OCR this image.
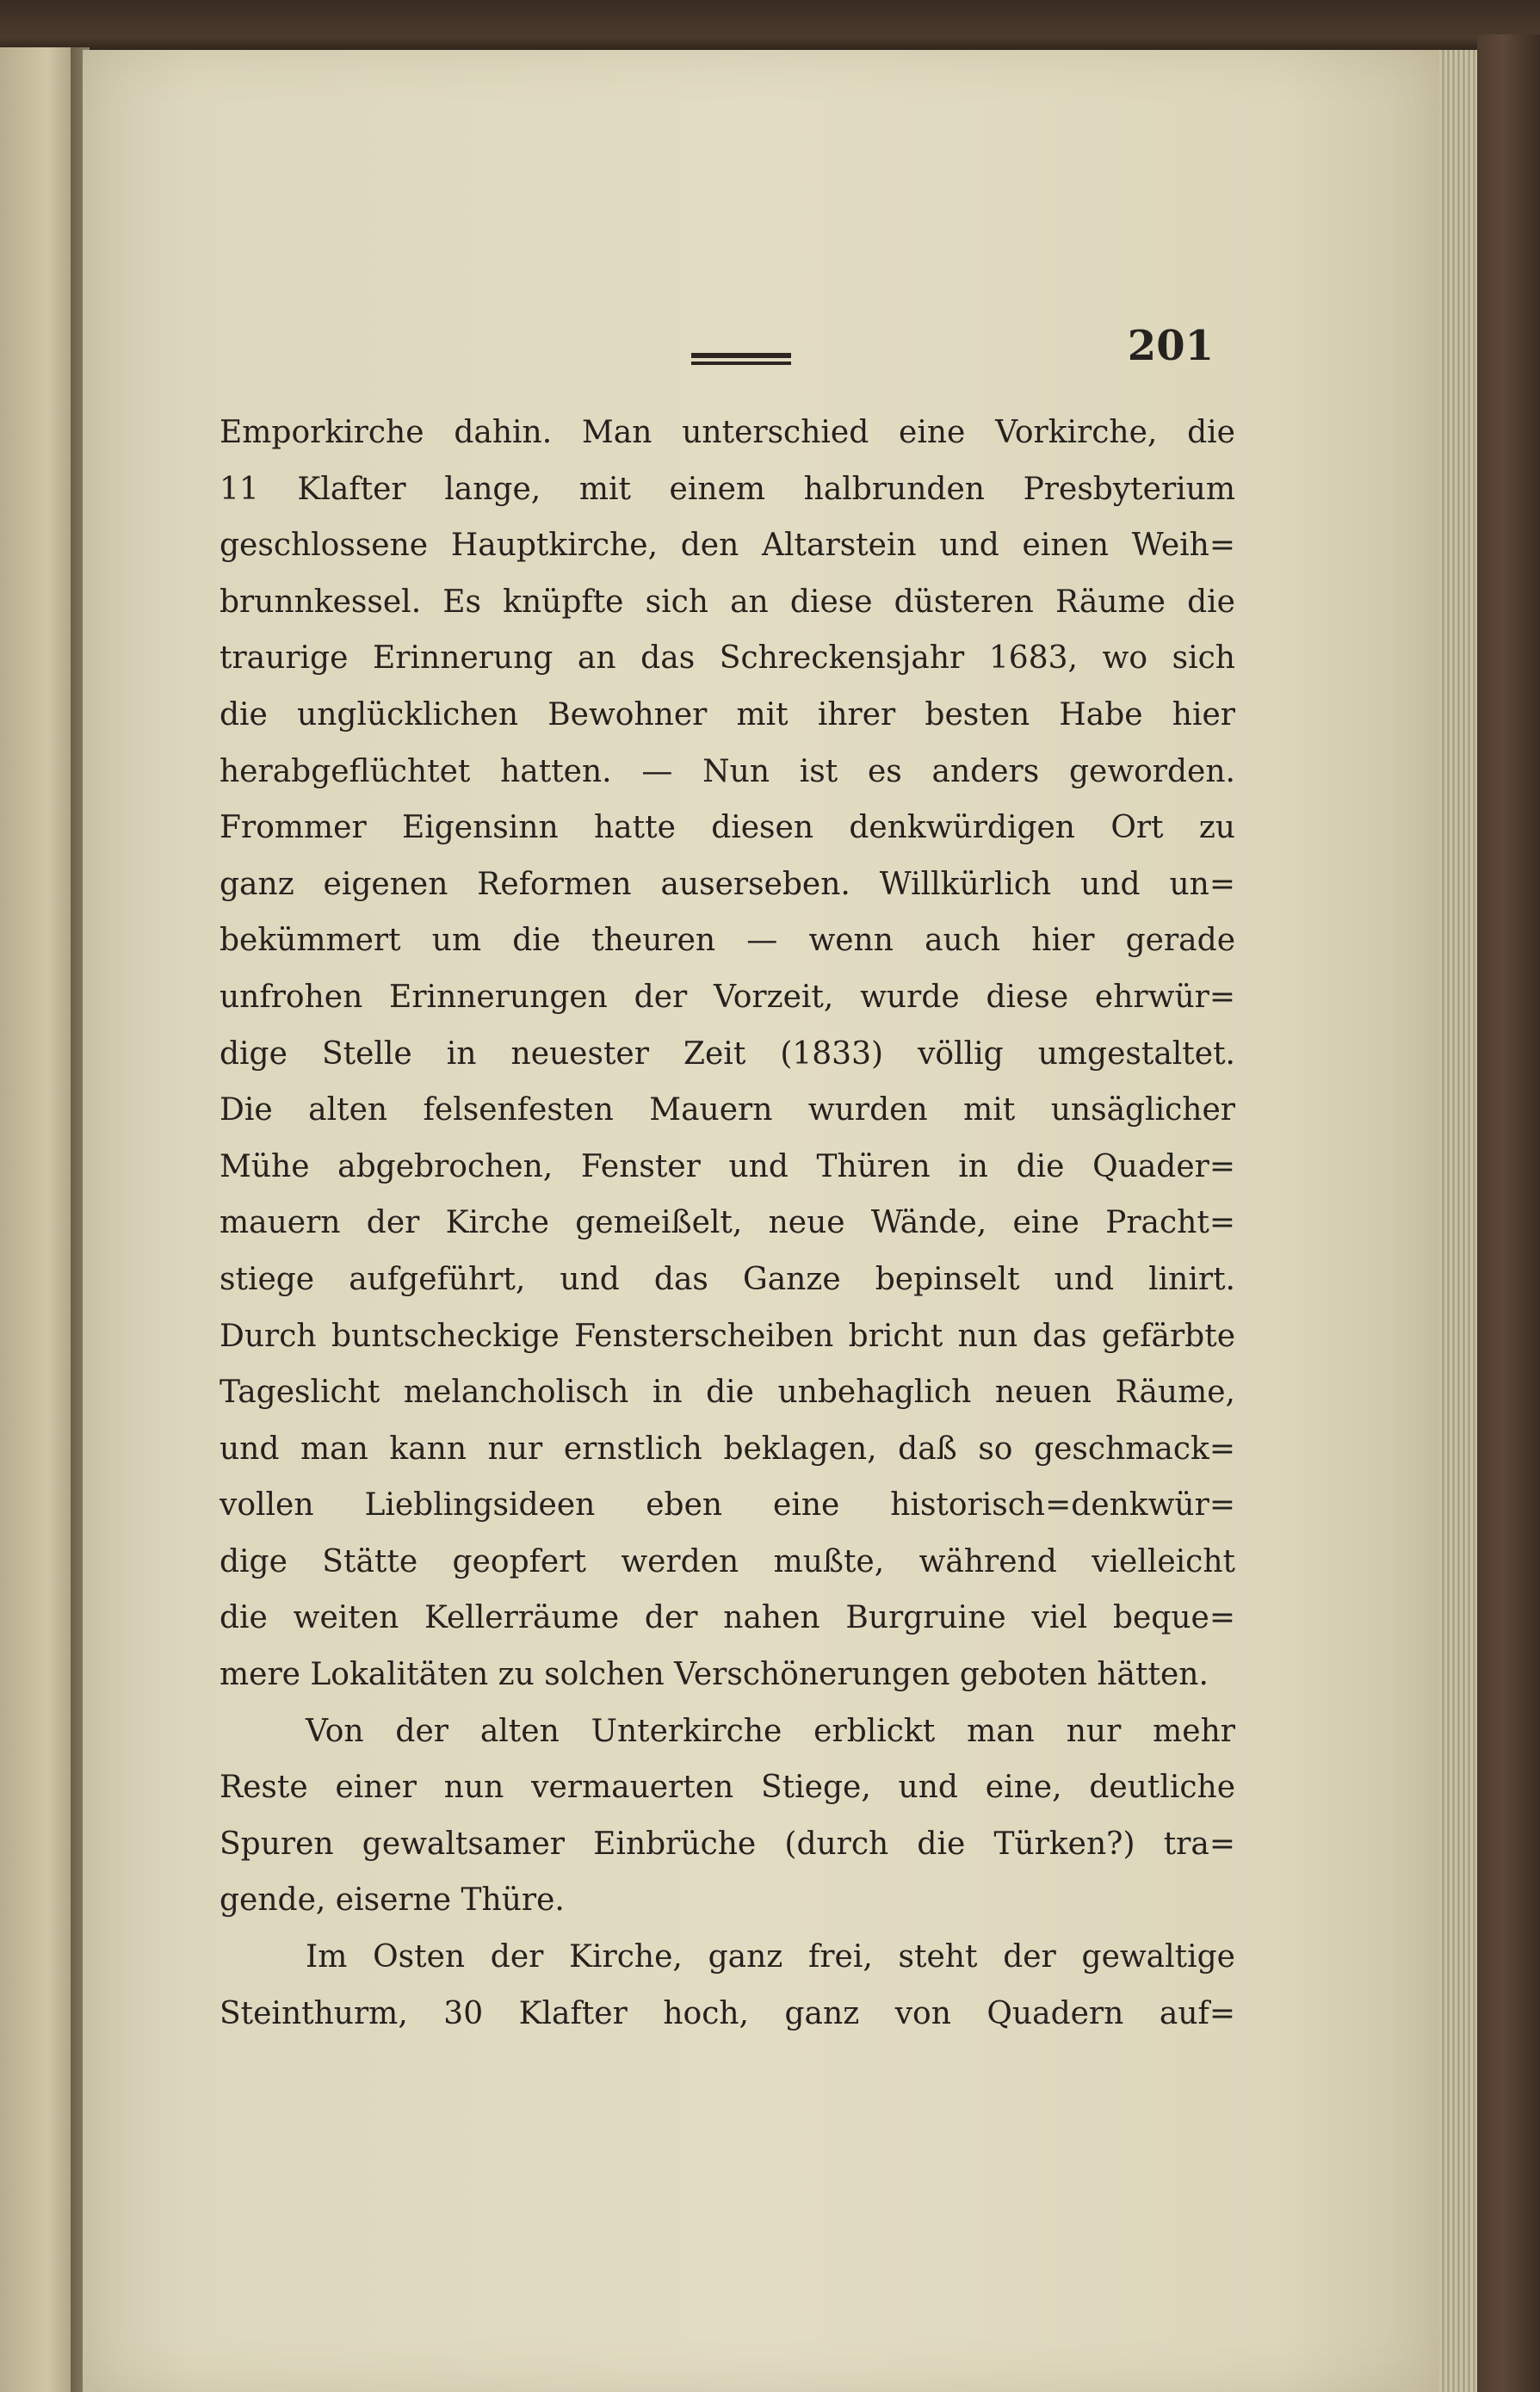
201
Emporkirche dahin. Man unterschied eine Vorkirche, die
11 Klafter lange, mit einem halbrunden Presbyterium
geschlossene Hauptkirche, den Altarstein und einen Weih=
brunnkessel. Es knüpfte sich an diese düsteren Räume die
traurige Erinnerung an das Schreckensjahr 1683, wo sich
die unglücklichen Bewohner mit ihrer besten Habe hier
herabgeflüchtet hatten. — Nun ist es anders geworden.
Frommer Eigensinn hatte diesen denkwürdigen Ort zu
ganz eigenen Reformen auserseben. Willkürlich und un=
bekümmert um die theuren — wenn auch hier gerade
unfrohen Erinnerungen der Vorzeit, wurde diese ehrwür=
dige Stelle in neuester Zeit (1833) völlig umgestaltet.
Die alten felsenfesten Mauern wurden mit unsäglicher
Mühe abgebrochen, Fenster und Thüren in die Quader=
mauern der Kirche gemeißelt, neue Wände, eine Pracht=
stiege aufgeführt, und das Ganze bepinselt und linirt.
Durch buntscheckige Fensterscheiben bricht nun das gefärbte
Tageslicht melancholisch in die unbehaglich neuen Räume,
und man kann nur ernstlich beklagen, daß so geschmack=
vollen Lieblingsideen eben eine historisch=denkwür=
dige Stätte geopfert werden mußte, während vielleicht
die weiten Kellerräume der nahen Burgruine viel beque=
mere Lokalitäten zu solchen Verschönerungen geboten hätten.
Von der alten Unterkirche erblickt man nur mehr
Reste einer nun vermauerten Stiege, und eine, deutliche
Spuren gewaltsamer Einbrüche (durch die Türken?) tra=
gende, eiserne Thüre.
Im Osten der Kirche, ganz frei, steht der gewaltige
Steinthurm, 30 Klafter hoch, ganz von Quadern auf=
